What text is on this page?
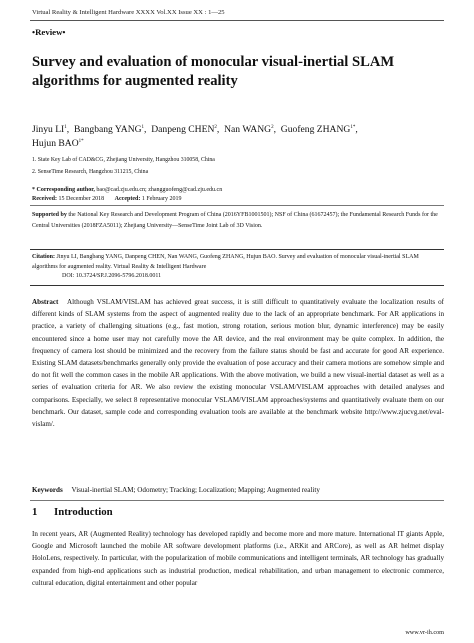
Virtual Reality & Intelligent Hardware XXXX Vol.XX Issue XX : 1—25
•Review•
Survey and evaluation of monocular visual-inertial SLAM algorithms for augmented reality
Jinyu $LI^1$,  Bangbang YANG$^1$,  Danpeng CHEN$^2$,  Nan WANG$^2$,  Guofeng $ZHANG^{1*}$,
Hujun $BAO^{1*}$
1. State Key Lab of CAD&CG, Zhejiang University, Hangzhou 310058, China
2. SenseTime Research, Hangzhou 311215, China
* Corresponding author, bao@cad.zju.edu.cn; zhangguofeng@cad.zju.edu.cn
Received: 15 December 2018 Accepted: 1 February 2019
Supported by the National Key Research and Development Program of China (2016YFB1001501); NSF of China (61672457); the Fundamental Research Funds for the Central Universities (2018FZA5011); Zhejiang University—SenseTime Joint Lab of 3D Vision.
Citation: Jinyu LI, Bangbang YANG, Danpeng CHEN, Nan WANG, Guofeng ZHANG, Hujun BAO. Survey and evaluation of monocular visual-inertial SLAM algorithms for augmented reality. Virtual Reality & Intelligent Hardware
DOI: 10.3724/SP.J.2096-5796.2018.0011
Abstract Although VSLAM/VISLAM has achieved great success, it is still difficult to quantitatively evaluate the localization results of different kinds of SLAM systems from the aspect of augmented reality due to the lack of an appropriate benchmark. For AR applications in practice, a variety of challenging situations (e.g., fast motion, strong rotation, serious motion blur, dynamic interference) may be easily encountered since a home user may not carefully move the AR device, and the real environment may be quite complex. In addition, the frequency of camera lost should be minimized and the recovery from the failure status should be fast and accurate for good AR experience. Existing SLAM datasets/benchmarks generally only provide the evaluation of pose accuracy and their camera motions are somehow simple and do not fit well the common cases in the mobile AR applications. With the above motivation, we build a new visual-inertial dataset as well as a series of evaluation criteria for AR. We also review the existing monocular VSLAM/VISLAM approaches with detailed analyses and comparisons. Especially, we select 8 representative monocular VSLAM/VISLAM approaches/systems and quantitatively evaluate them on our benchmark. Our dataset, sample code and corresponding evaluation tools are available at the benchmark website http://www.zjucvg.net/eval-vislam/.
Keywords Visual-inertial SLAM; Odometry; Tracking; Localization; Mapping; Augmented reality
1 Introduction
In recent years, AR (Augmented Reality) technology has developed rapidly and become more and more mature. International IT giants Apple, Google and Microsoft launched the mobile AR software development platforms (i.e., ARKit and ARCore), as well as AR helmet display HoloLens, respectively. In particular, with the popularization of mobile communications and intelligent terminals, AR technology has gradually expanded from high-end applications such as industrial production, medical rehabilitation, and urban management to electronic commerce, cultural education, digital entertainment and other popular
www.vr-ih.com
